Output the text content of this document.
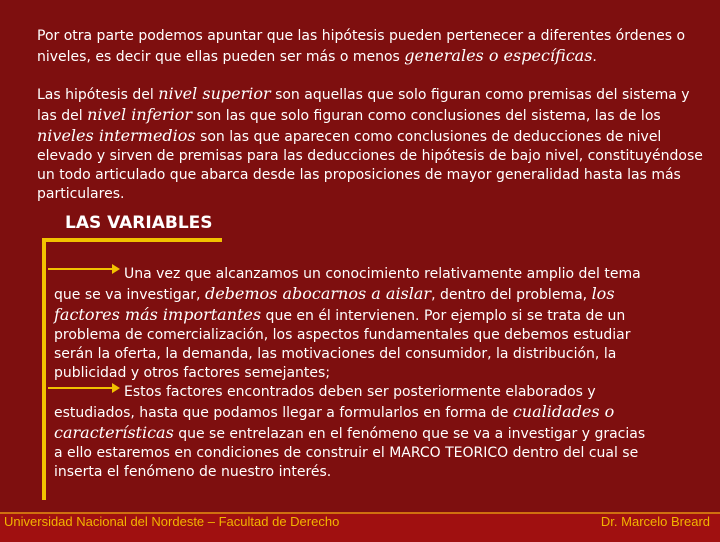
Por otra parte podemos apuntar que las hipótesis pueden pertenecer a diferentes órdenes o niveles, es decir que ellas pueden ser más o menos generales o específicas.

Las hipótesis del nivel superior son aquellas que solo figuran como premisas del sistema y las del nivel inferior son las que solo figuran como conclusiones del sistema, las de los niveles intermedios son las que aparecen como conclusiones de deducciones de nivel elevado y sirven de premisas para las deducciones de hipótesis de bajo nivel, constituyéndose un todo articulado que abarca desde las proposiciones de mayor generalidad hasta las más particulares.

LAS VARIABLES

Una vez que alcanzamos un conocimiento relativamente amplio del tema que se va investigar, debemos abocarnos a aislar, dentro del problema, los factores más importantes que en él intervienen. Por ejemplo si se trata de un problema de comercialización, los aspectos fundamentales que debemos estudiar serán la oferta, la demanda, las motivaciones del consumidor, la distribución, la publicidad y otros factores semejantes;
Estos factores encontrados deben ser posteriormente elaborados y estudiados, hasta que podamos llegar a formularlos en forma de cualidades o características que se entrelazan en el fenómeno que se va a investigar y gracias a ello estaremos en condiciones de construir el MARCO TEORICO dentro del cual se inserta el fenómeno de nuestro interés.

Universidad Nacional del Nordeste – Facultad de Derecho	Dr. Marcelo Breard
